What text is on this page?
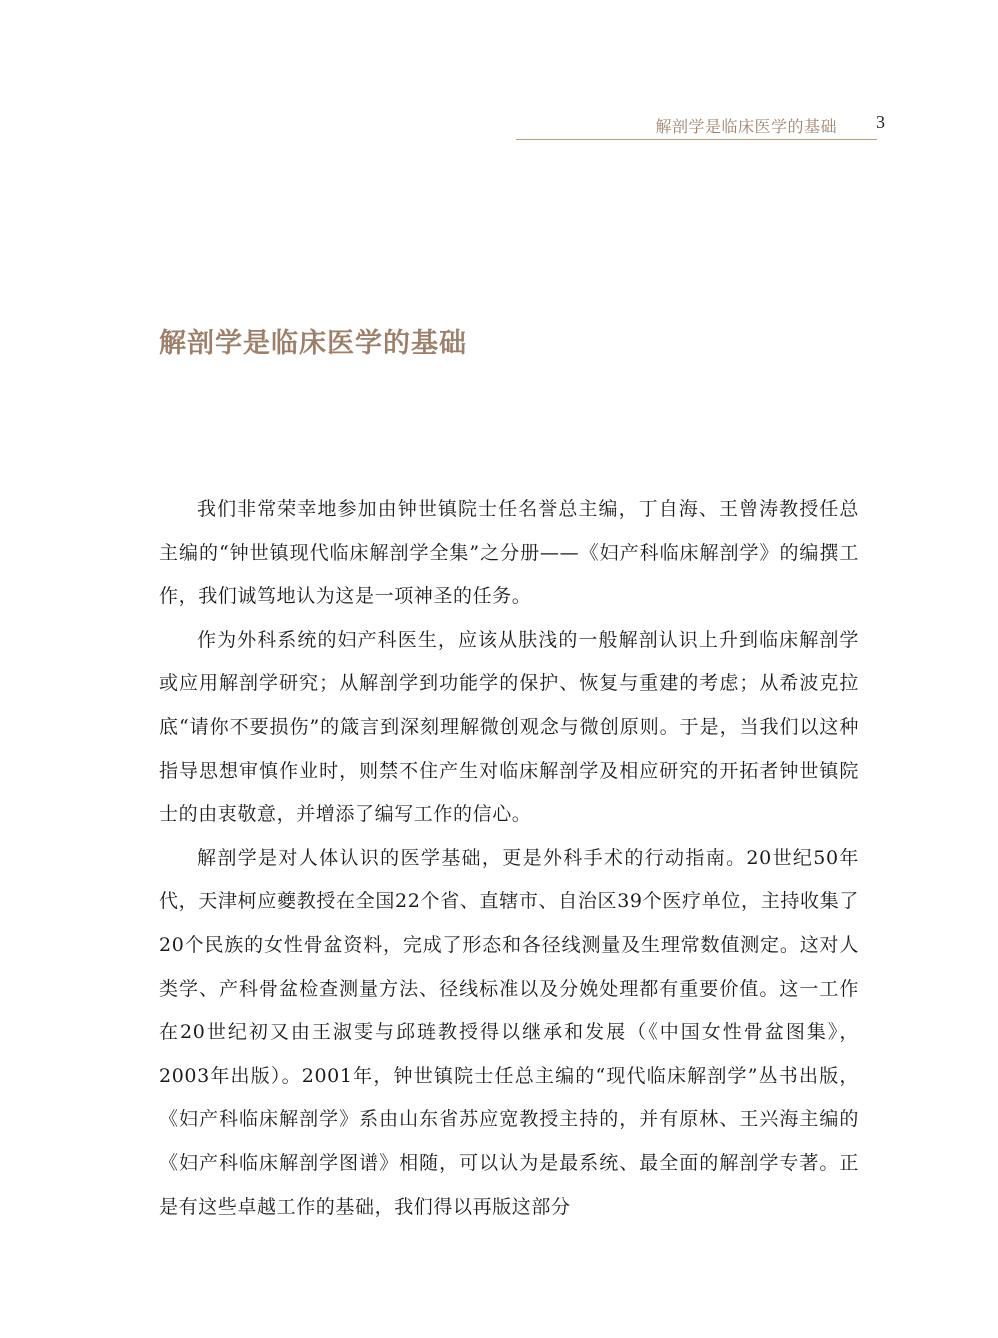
解剖学是临床医学的基础 3
解剖学是临床医学的基础

我们非常荣幸地参加由钟世镇院士任名誉总主编，丁自海、王曾涛教授任总主编的“钟世镇现代临床解剖学全集”之分册——《妇产科临床解剖学》的编撰工作，我们诚笃地认为这是一项神圣的任务。

作为外科系统的妇产科医生，应该从肤浅的一般解剖认识上升到临床解剖学或应用解剖学研究；从解剖学到功能学的保护、恢复与重建的考虑；从希波克拉底“请你不要损伤”的箴言到深刻理解微创观念与微创原则。于是，当我们以这种指导思想审慎作业时，则禁不住产生对临床解剖学及相应研究的开拓者钟世镇院士的由衷敬意，并增添了编写工作的信心。

解剖学是对人体认识的医学基础，更是外科手术的行动指南。20世纪50年代，天津柯应夔教授在全国22个省、直辖市、自治区39个医疗单位，主持收集了20个民族的女性骨盆资料，完成了形态和各径线测量及生理常数值测定。这对人类学、产科骨盆检查测量方法、径线标准以及分娩处理都有重要价值。这一工作在20世纪初又由王淑雯与邱琏教授得以继承和发展（《中国女性骨盆图集》，2003年出版）。2001年，钟世镇院士任总主编的“现代临床解剖学”丛书出版，《妇产科临床解剖学》系由山东省苏应宽教授主持的，并有原林、王兴海主编的《妇产科临床解剖学图谱》相随，可以认为是最系统、最全面的解剖学专著。正是有这些卓越工作的基础，我们得以再版这部分
